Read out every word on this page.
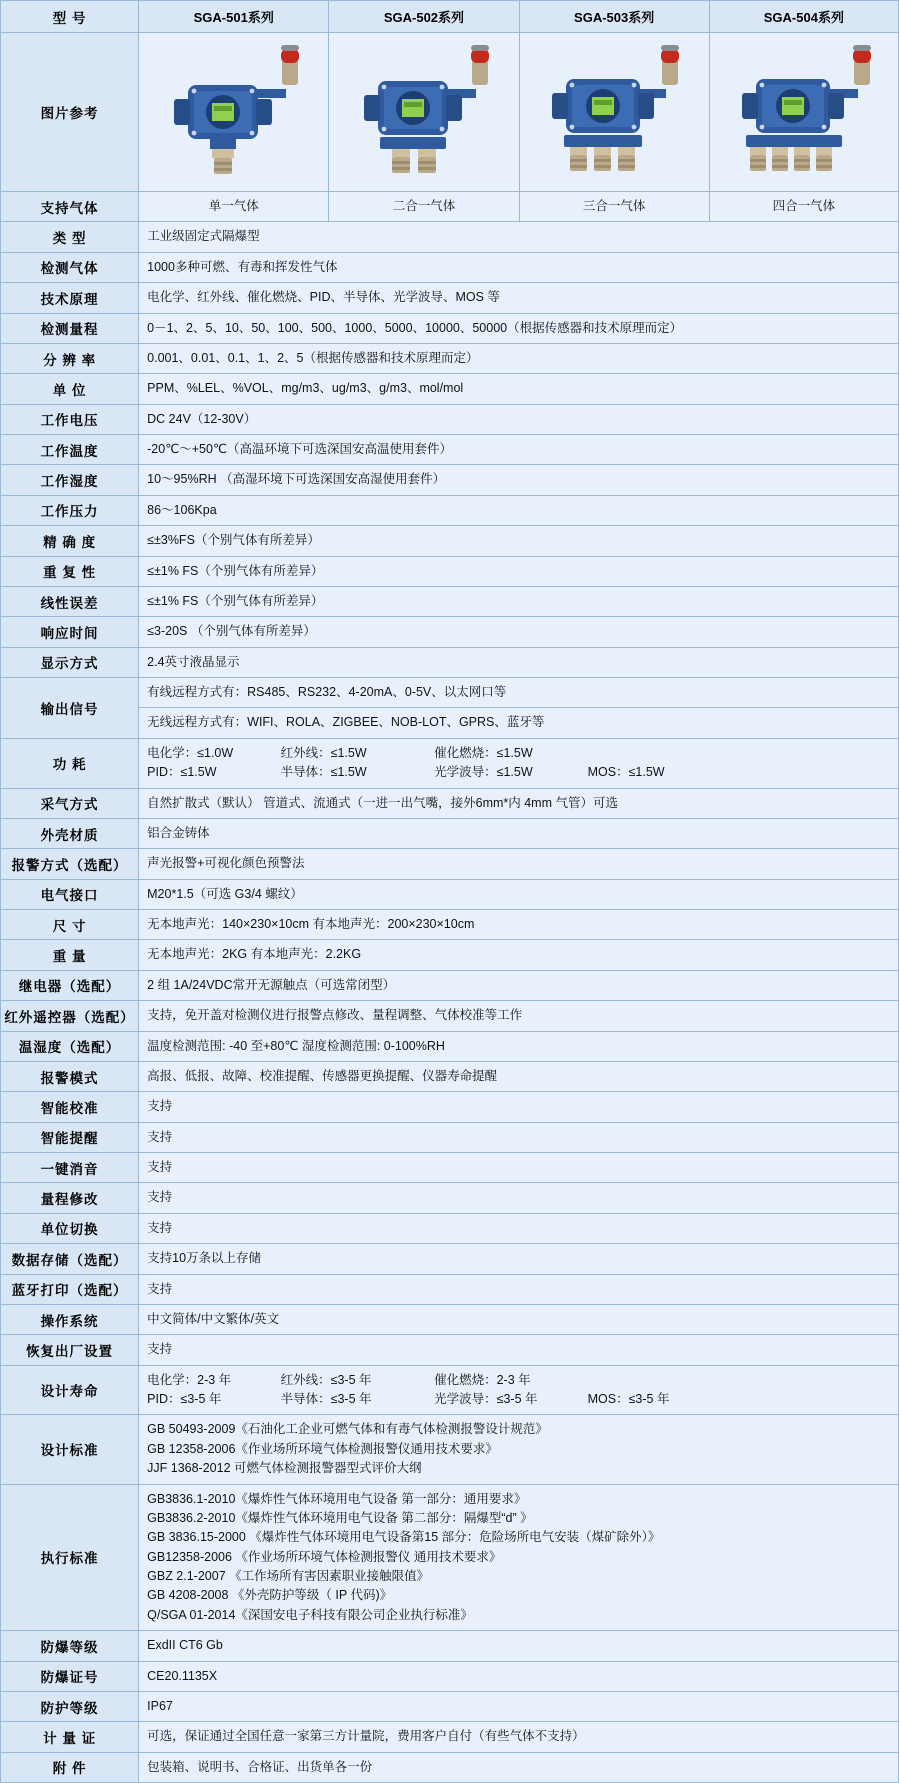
型 号	SGA-501系列	SGA-502系列	SGA-503系列	SGA-504系列
图片参考	

支持气体	单一气体	二合一气体	三合一气体	四合一气体
类 型	工业级固定式隔爆型			
检测气体	1000多种可燃、有毒和挥发性气体			
技术原理	电化学、红外线、催化燃烧、PID、半导体、光学波导、MOS 等			
检测量程	0－1、2、5、10、50、100、500、1000、5000、10000、50000（根据传感器和技术原理而定）			
分 辨 率	0.001、0.01、0.1、1、2、5（根据传感器和技术原理而定）			
单 位	PPM、%LEL、%VOL、mg/m3、ug/m3、g/m3、mol/mol			
工作电压	DC 24V（12-30V）			
工作温度	-20℃～+50℃（高温环境下可选深国安高温使用套件）			
工作湿度	10～95%RH （高湿环境下可选深国安高湿使用套件）			
工作压力	86～106Kpa			
精 确 度	≤±3%FS（个别气体有所差异）			
重 复 性	≤±1% FS（个别气体有所差异）			
线性误差	≤±1% FS（个别气体有所差异）			
响应时间	≤3-20S （个别气体有所差异）			
显示方式	2.4英寸液晶显示			
输出信号	有线远程方式有：RS485、RS232、4-20mA、0-5V、以太网口等			
	无线远程方式有：WIFI、ROLA、ZIGBEE、NOB-LOT、GPRS、蓝牙等			
功 耗	电化学：≤1.0W 红外线：≤1.5W 催化燃烧：≤1.5W
PID：≤1.5W 半导体：≤1.5W 光学波导：≤1.5W MOS：≤1.5W			

采气方式	自然扩散式（默认） 管道式、流通式（一进一出气嘴，接外6mm*内 4mm 气管）可选			
外壳材质	铝合金铸体			
报警方式（选配）	声光报警+可视化颜色预警法			
电气接口	M20*1.5（可选 G3/4 螺纹）			
尺 寸	无本地声光：140×230×10cm 有本地声光：200×230×10cm			
重 量	无本地声光：2KG 有本地声光：2.2KG			
继电器（选配）	2 组 1A/24VDC常开无源触点（可选常闭型）			
红外遥控器（选配）	支持，免开盖对检测仪进行报警点修改、量程调整、气体校准等工作			
温湿度（选配）	温度检测范围: -40 至+80℃ 湿度检测范围: 0-100%RH			
报警模式	高报、低报、故障、校准提醒、传感器更换提醒、仪器寿命提醒			
智能校准	支持			
智能提醒	支持			
一键消音	支持			
量程修改	支持			
单位切换	支持			
数据存储（选配）	支持10万条以上存储			
蓝牙打印（选配）	支持			
操作系统	中文简体/中文繁体/英文			
恢复出厂设置	支持			
设计寿命	电化学：2-3 年 红外线：≤3-5 年 催化燃烧：2-3 年
PID：≤3-5 年 半导体：≤3-5 年 光学波导：≤3-5 年 MOS：≤3-5 年			

设计标准	GB 50493-2009《石油化工企业可燃气体和有毒气体检测报警设计规范》
GB 12358-2006《作业场所环境气体检测报警仪通用技术要求》
JJF 1368-2012 可燃气体检测报警器型式评价大纲			

执行标准	
GB3836.1-2010《爆炸性气体环境用电气设备 第一部分：通用要求》
GB3836.2-2010《爆炸性气体环境用电气设备 第二部分：隔爆型“d” 》
GB 3836.15-2000 《爆炸性气体环境用电气设备第15 部分：危险场所电气安装（煤矿除外）》
GB12358-2006 《作业场所环境气体检测报警仪 通用技术要求》
GBZ 2.1-2007 《工作场所有害因素职业接触限值》
GB 4208-2008 《外壳防护等级（ IP 代码)》
Q/SGA 01-2014《深国安电子科技有限公司企业执行标准》

防爆等级	ExdII CT6 Gb			
防爆证号	CE20.1135X			
防护等级	IP67			
计 量 证	可选，保证通过全国任意一家第三方计量院，费用客户自付（有些气体不支持）			
附 件	包装箱、说明书、合格证、出货单各一份			
